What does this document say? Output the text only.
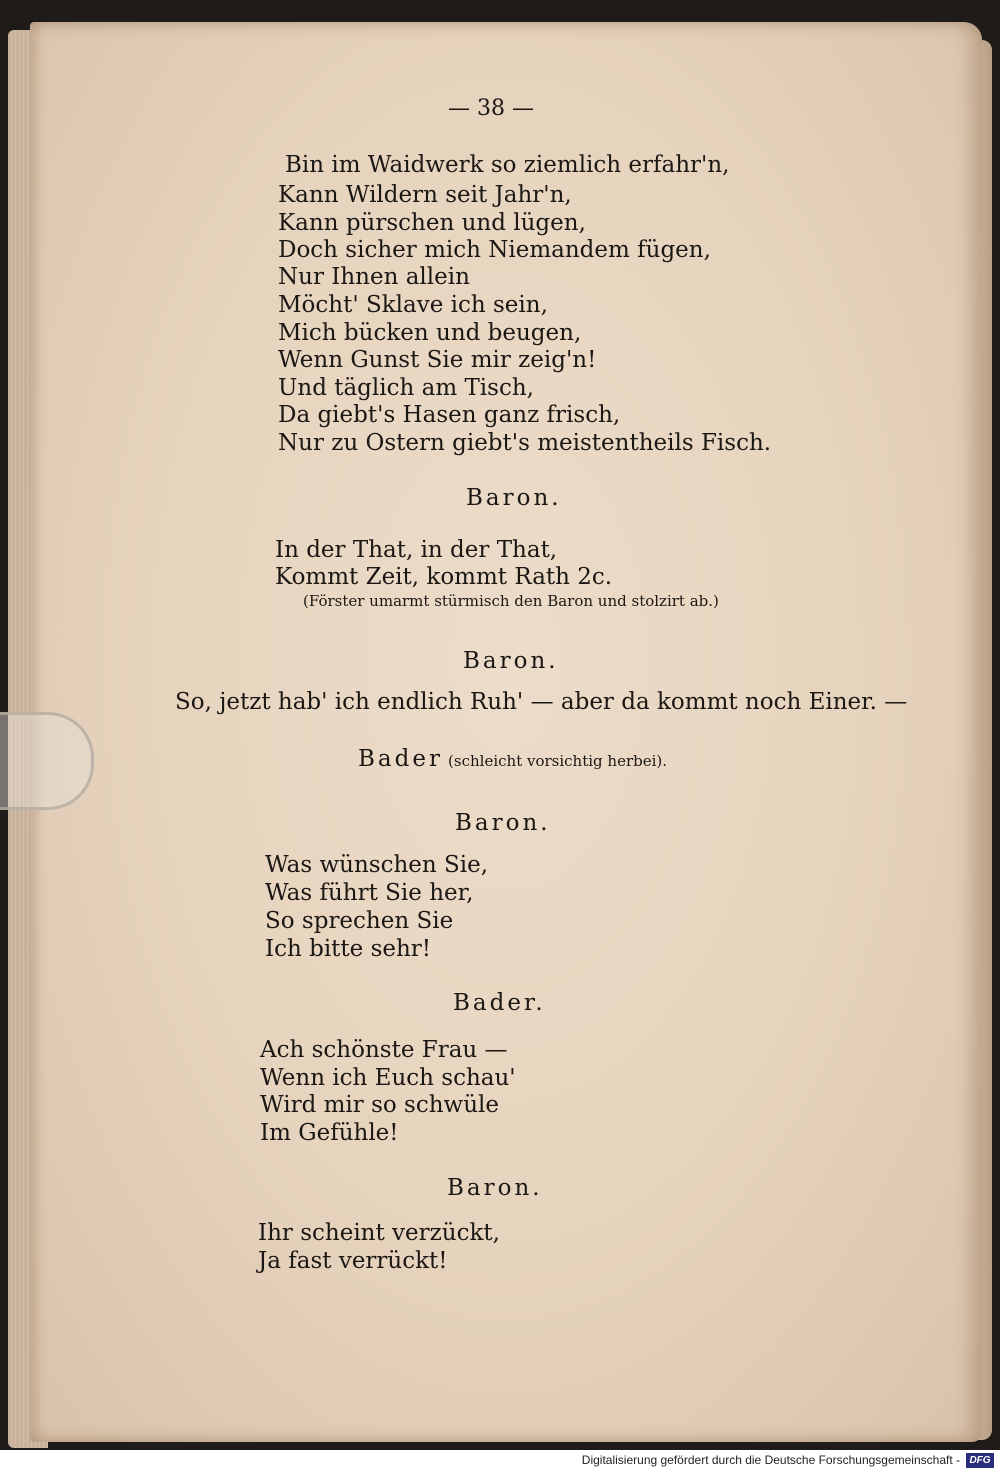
— 38 —

Bin im Waidwerk so ziemlich erfahr'n,

Kann Wildern seit Jahr'n,

Kann pürschen und lügen,

Doch sicher mich Niemandem fügen,

Nur Ihnen allein

Möcht' Sklave ich sein,

Mich bücken und beugen,

Wenn Gunst Sie mir zeig'n!

Und täglich am Tisch,

Da giebt's Hasen ganz frisch,

Nur zu Ostern giebt's meistentheils Fisch.

Baron.

In der That, in der That,

Kommt Zeit, kommt Rath 2c.

(Förster umarmt stürmisch den Baron und stolzirt ab.)

Baron.

So, jetzt hab' ich endlich Ruh' — aber da kommt noch Einer. —

Bader (schleicht vorsichtig herbei).

Baron.

Was wünschen Sie,

Was führt Sie her,

So sprechen Sie

Ich bitte sehr!

Bader.

Ach schönste Frau —

Wenn ich Euch schau'

Wird mir so schwüle

Im Gefühle!

Baron.

Ihr scheint verzückt,

Ja fast verrückt!

Digitalisierung gefördert durch die Deutsche Forschungsgemeinschaft - DFG
